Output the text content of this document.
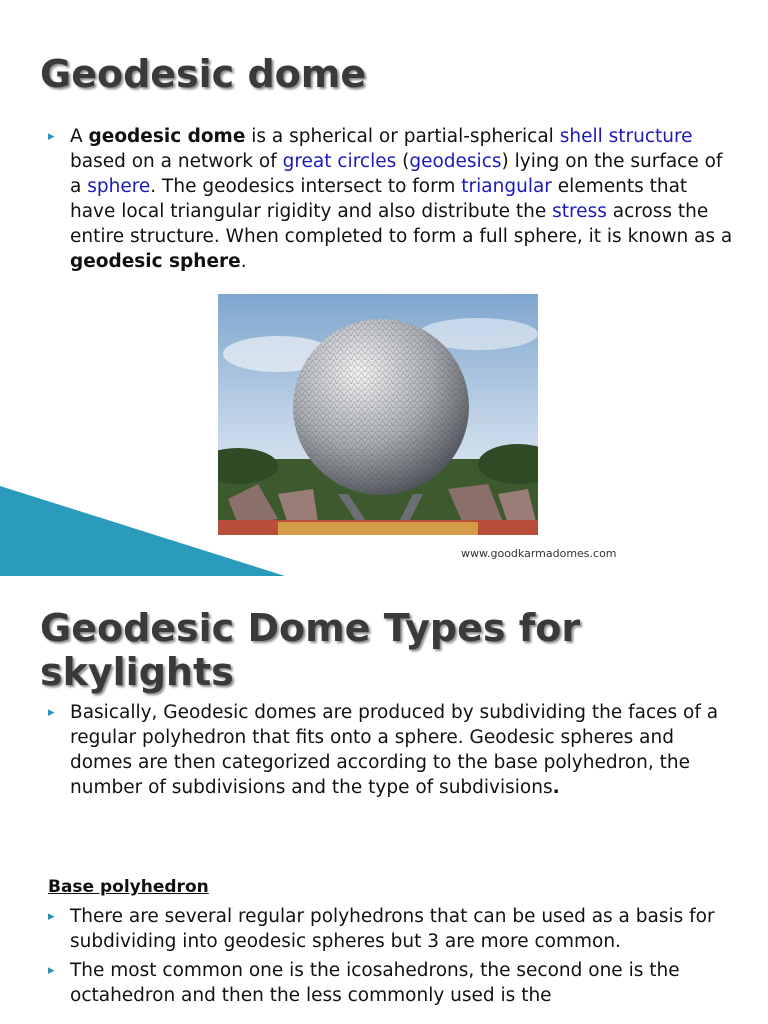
Geodesic dome
▸ A geodesic dome is a spherical or partial-spherical shell structure based on a network of great circles (geodesics) lying on the surface of a sphere. The geodesics intersect to form triangular elements that have local triangular rigidity and also distribute the stress across the entire structure. When completed to form a full sphere, it is known as a geodesic sphere.
www.goodkarmadomes.com
Geodesic Dome Types for skylights
▸ Basically, Geodesic domes are produced by subdividing the faces of a regular polyhedron that fits onto a sphere. Geodesic spheres and domes are then categorized according to the base polyhedron, the number of subdivisions and the type of subdivisions.
Base polyhedron
▸ There are several regular polyhedrons that can be used as a basis for subdividing into geodesic spheres but 3 are more common.
▸ The most common one is the icosahedrons, the second one is the octahedron and then the less commonly used is the
